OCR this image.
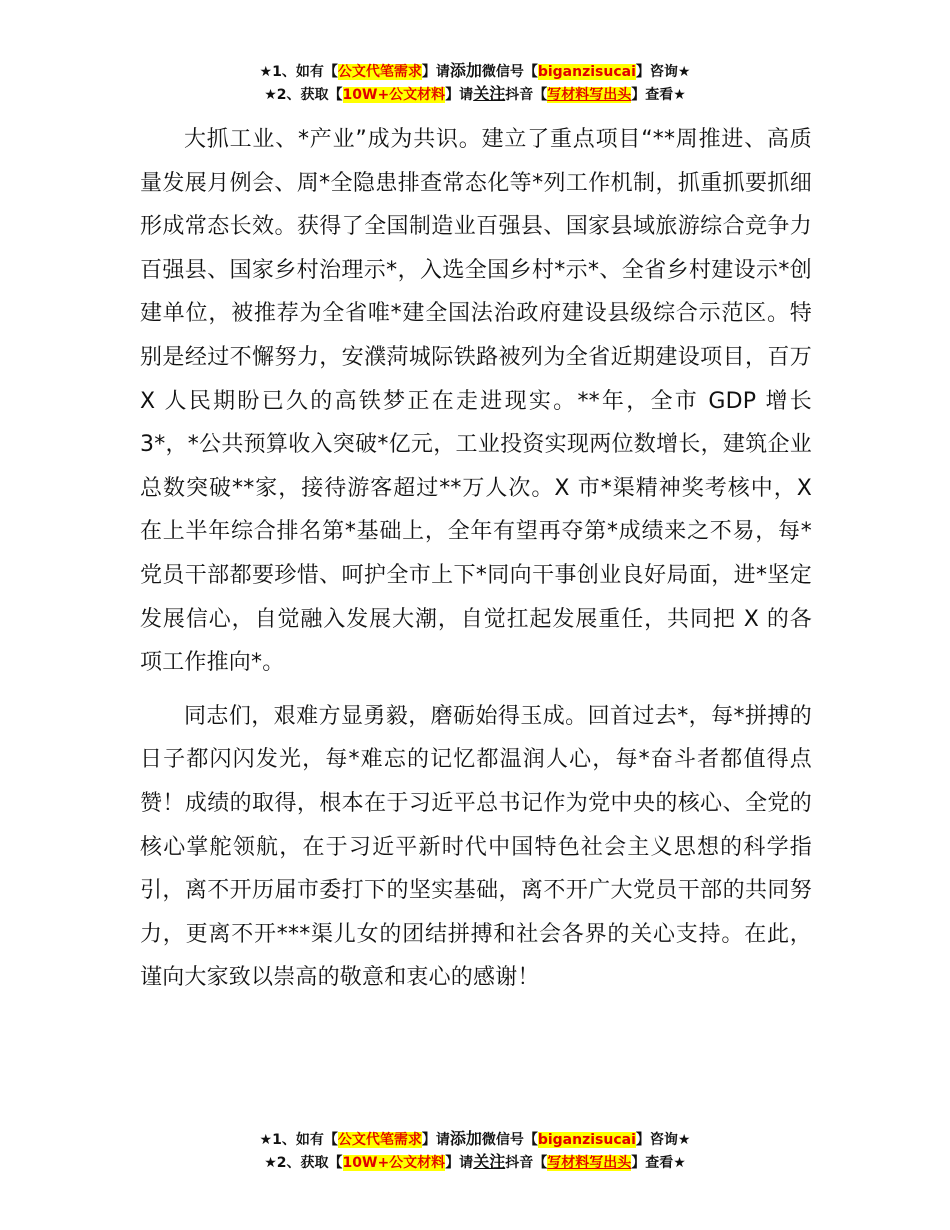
★1、如有【公文代笔需求】请添加微信号【biganzisucai】咨询★
★2、获取【10W+公文材料】请关注抖音【写材料写出头】查看★

大抓工业、*产业”成为共识。建立了重点项目“**周推进、高质量发展月例会、周*全隐患排查常态化等*列工作机制，抓重抓要抓细形成常态长效。获得了全国制造业百强县、国家县域旅游综合竞争力百强县、国家乡村治理示*，入选全国乡村*示*、全省乡村建设示*创建单位，被推荐为全省唯*建全国法治政府建设县级综合示范区。特别是经过不懈努力，安濮菏城际铁路被列为全省近期建设项目，百万 X 人民期盼已久的高铁梦正在走进现实。**年，全市 GDP 增长 3*，*公共预算收入突破*亿元，工业投资实现两位数增长，建筑企业总数突破**家，接待游客超过**万人次。X 市*渠精神奖考核中，X 在上半年综合排名第*基础上，全年有望再夺第*成绩来之不易，每*党员干部都要珍惜、呵护全市上下*同向干事创业良好局面，进*坚定发展信心，自觉融入发展大潮，自觉扛起发展重任，共同把 X 的各项工作推向*。

同志们，艰难方显勇毅，磨砺始得玉成。回首过去*，每*拼搏的日子都闪闪发光，每*难忘的记忆都温润人心，每*奋斗者都值得点赞！成绩的取得，根本在于习近平总书记作为党中央的核心、全党的核心掌舵领航，在于习近平新时代中国特色社会主义思想的科学指引，离不开历届市委打下的坚实基础，离不开广大党员干部的共同努力，更离不开***渠儿女的团结拼搏和社会各界的关心支持。在此，谨向大家致以崇高的敬意和衷心的感谢！

★1、如有【公文代笔需求】请添加微信号【biganzisucai】咨询★
★2、获取【10W+公文材料】请关注抖音【写材料写出头】查看★
